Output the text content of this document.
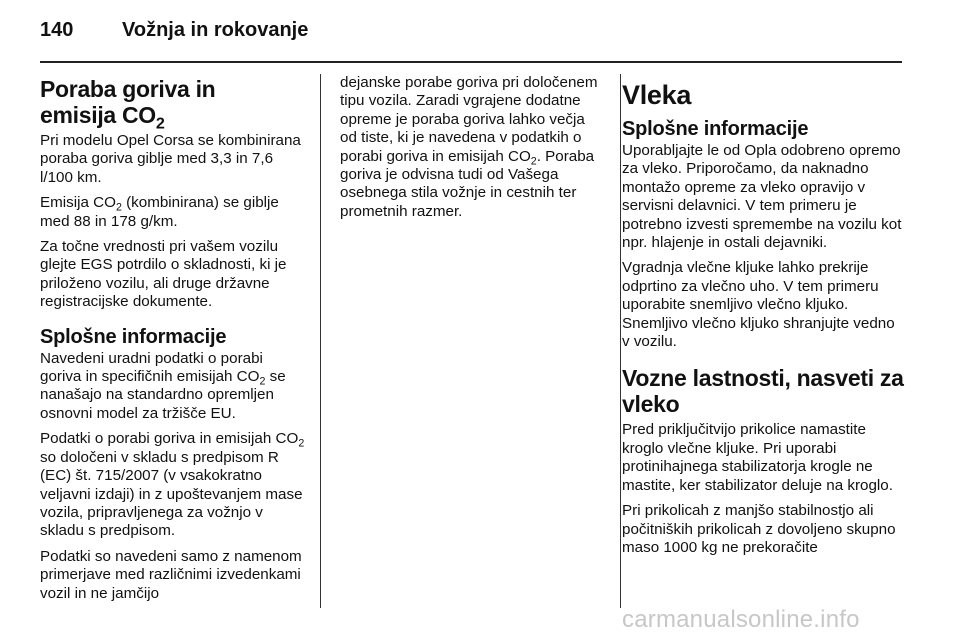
140 Vožnja in rokovanje
Poraba goriva in
emisija $CO_2$

Pri modelu Opel Corsa se kombinirana poraba goriva giblje med 3,3 in 7,6 l/100 km.

Emisija $CO_2$ (kombinirana) se giblje med 88 in 178 g/km.

Za točne vrednosti pri vašem vozilu glejte EGS potrdilo o skladnosti, ki je priloženo vozilu, ali druge državne registracijske dokumente.

Splošne informacije

Navedeni uradni podatki o porabi goriva in specifičnih emisijah $CO_2$ se nanašajo na standardno opremljen osnovni model za tržišče EU.

Podatki o porabi goriva in emisijah $CO_2$ so določeni v skladu s predpisom R (EC) št. 715/2007 (v vsakokratno veljavni izdaji) in z upoštevanjem mase vozila, pripravljenega za vožnjo v skladu s predpisom.

Podatki so navedeni samo z namenom primerjave med različnimi izvedenkami vozil in ne jamčijo

dejanske porabe goriva pri določenem tipu vozila. Zaradi vgrajene dodatne opreme je poraba goriva lahko večja od tiste, ki je navedena v podatkih o porabi goriva in emisijah $CO_2$. Poraba goriva je odvisna tudi od Vašega osebnega stila vožnje in cestnih ter prometnih razmer.

Vleka
Splošne informacije

Uporabljajte le od Opla odobreno opremo za vleko. Priporočamo, da naknadno montažo opreme za vleko opravijo v servisni delavnici. V tem primeru je potrebno izvesti spremembe na vozilu kot npr. hlajenje in ostali dejavniki.

Vgradnja vlečne kljuke lahko prekrije odprtino za vlečno uho. V tem primeru uporabite snemljivo vlečno kljuko. Snemljivo vlečno kljuko shranjujte vedno v vozilu.

Vozne lastnosti, nasveti za vleko

Pred priključitvijo prikolice namastite kroglo vlečne kljuke. Pri uporabi protinihajnega stabilizatorja krogle ne mastite, ker stabilizator deluje na kroglo.

Pri prikolicah z manjšo stabilnostjo ali počitniških prikolicah z dovoljeno skupno maso 1000 kg ne prekoračite

carmanualsonline.info
